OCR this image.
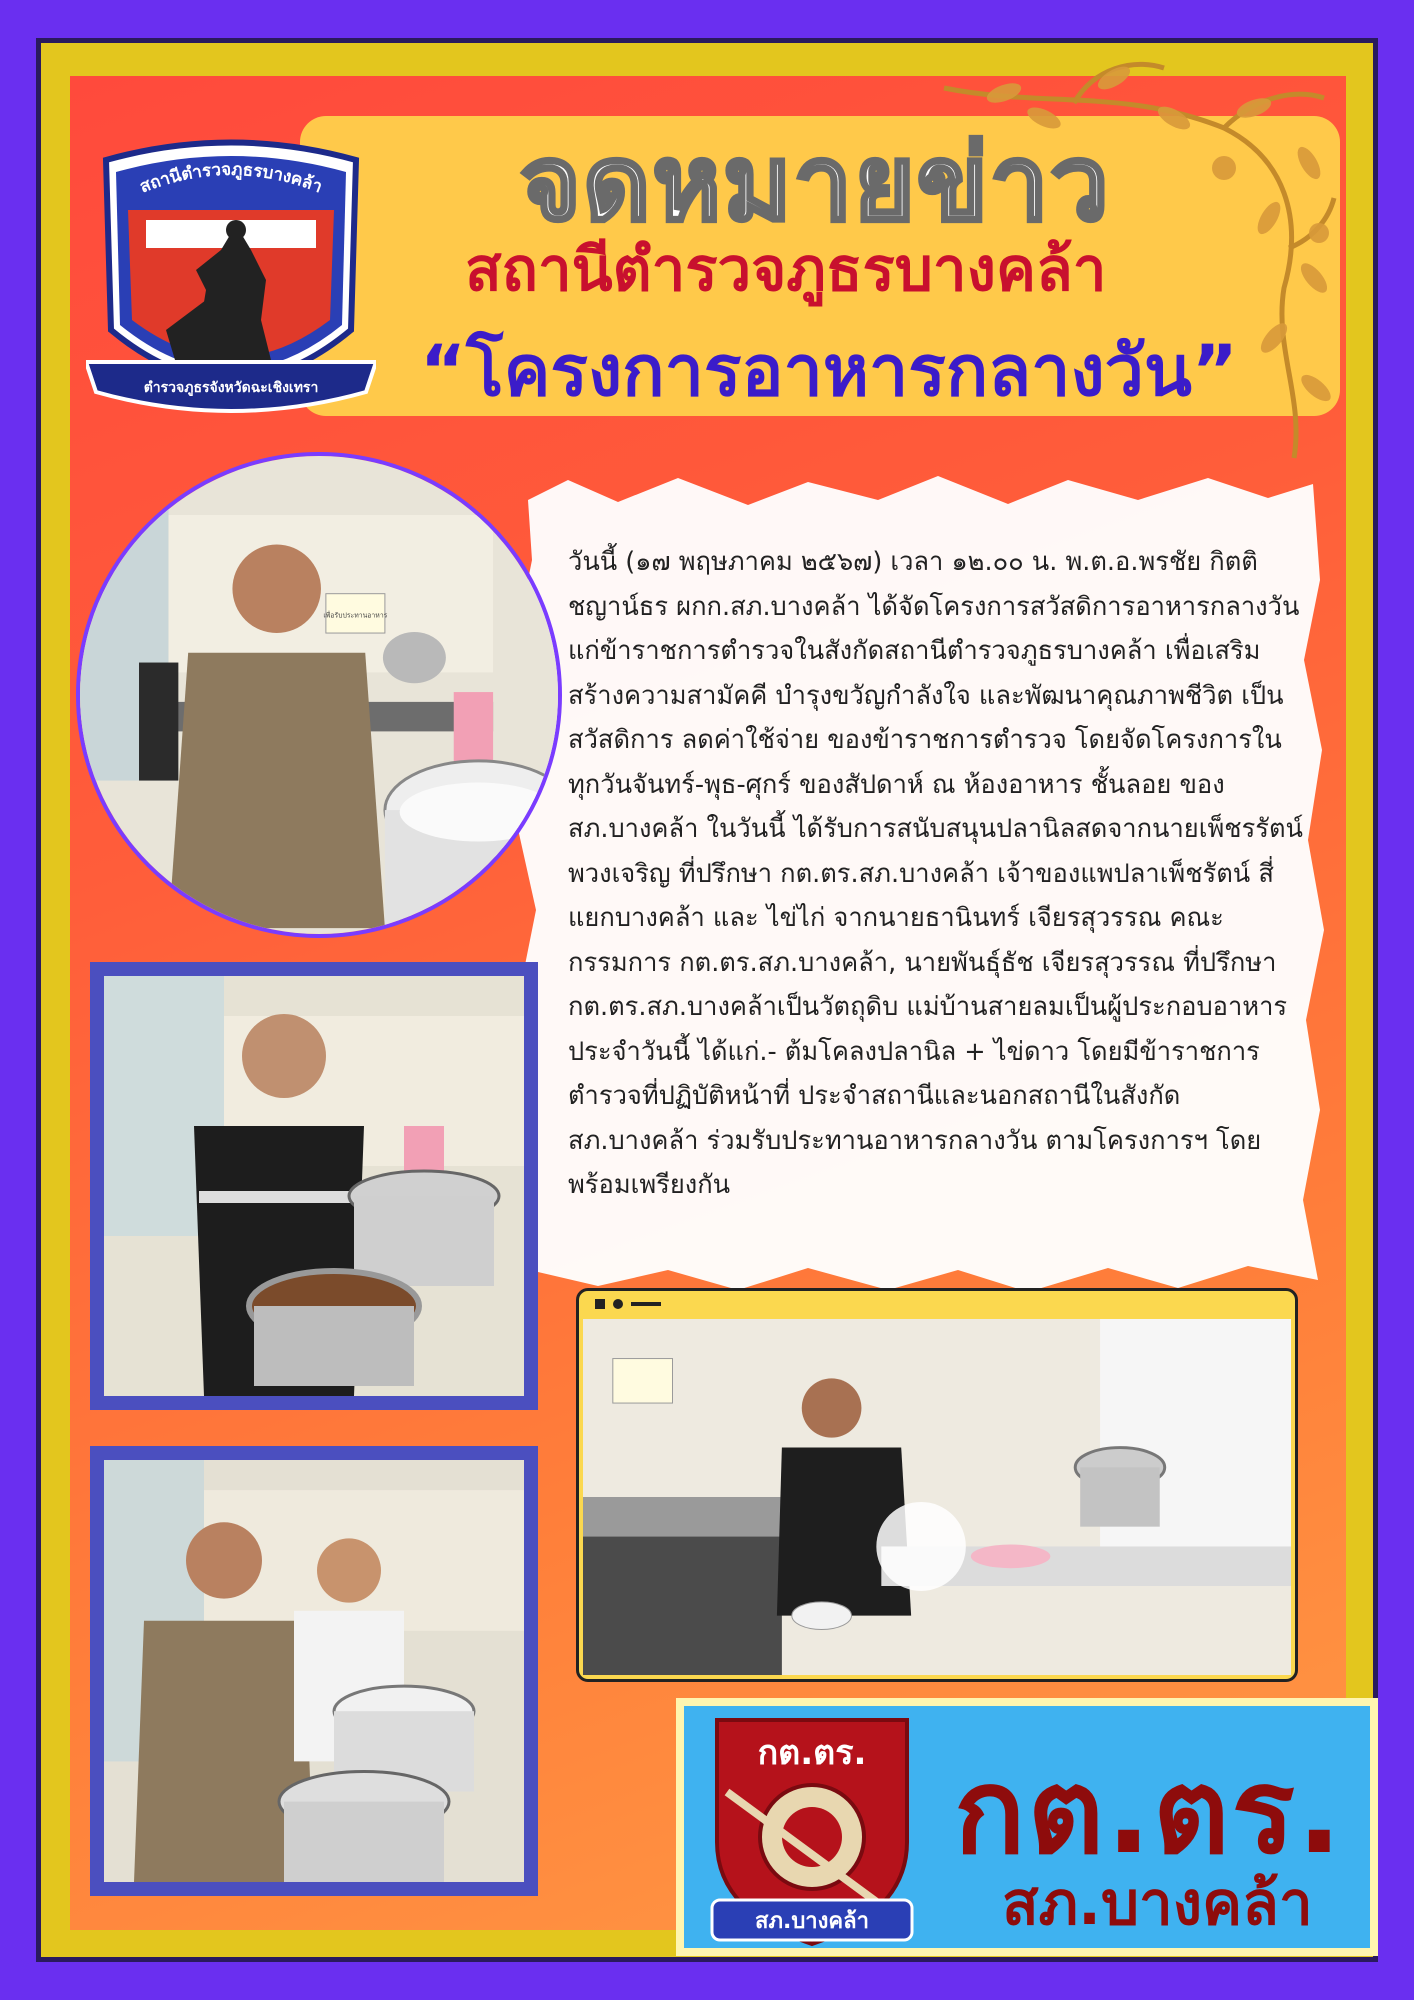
จดหมายข่าว
สถานีตำรวจภูธรบางคล้า
“โครงการอาหารกลางวัน”
สถานีตำรวจภูธรบางคล้า
ตำรวจภูธรจังหวัดฉะเชิงเทรา

วันนี้ (๑๗ พฤษภาคม ๒๕๖๗) เวลา ๑๒.๐๐ น. พ.ต.อ.พรชัย กิตติชญาน์ธร ผกก.สภ.บางคล้า ได้จัดโครงการสวัสดิการอาหารกลางวันแก่ข้าราชการตำรวจในสังกัดสถานีตำรวจภูธรบางคล้า เพื่อเสริมสร้างความสามัคคี บำรุงขวัญกำลังใจ และพัฒนาคุณภาพชีวิต เป็นสวัสดิการ ลดค่าใช้จ่าย ของข้าราชการตำรวจ โดยจัดโครงการในทุกวันจันทร์-พุธ-ศุกร์ ของสัปดาห์ ณ ห้องอาหาร ชั้นลอย ของ สภ.บางคล้า ในวันนี้ ได้รับการสนับสนุนปลานิลสดจากนายเพ็ชรรัตน์ พวงเจริญ ที่ปรึกษา กต.ตร.สภ.บางคล้า เจ้าของแพปลาเพ็ชรัตน์ สี่แยกบางคล้า และ ไข่ไก่ จากนายธานินทร์ เจียรสุวรรณ คณะกรรมการ กต.ตร.สภ.บางคล้า, นายพันธุ์ธัช เจียรสุวรรณ ที่ปรึกษา กต.ตร.สภ.บางคล้าเป็นวัตถุดิบ แม่บ้านสายลมเป็นผู้ประกอบอาหาร ประจำวันนี้ ได้แก่.- ต้มโคลงปลานิล + ไข่ดาว โดยมีข้าราชการตำรวจที่ปฏิบัติหน้าที่ ประจำสถานีและนอกสถานีในสังกัด สภ.บางคล้า ร่วมรับประทานอาหารกลางวัน ตามโครงการฯ โดยพร้อมเพรียงกัน

เพื่อรับประทานอาหาร
กต.ตร.
สภ.บางคล้า
กต.ตร.
สภ.บางคล้า
